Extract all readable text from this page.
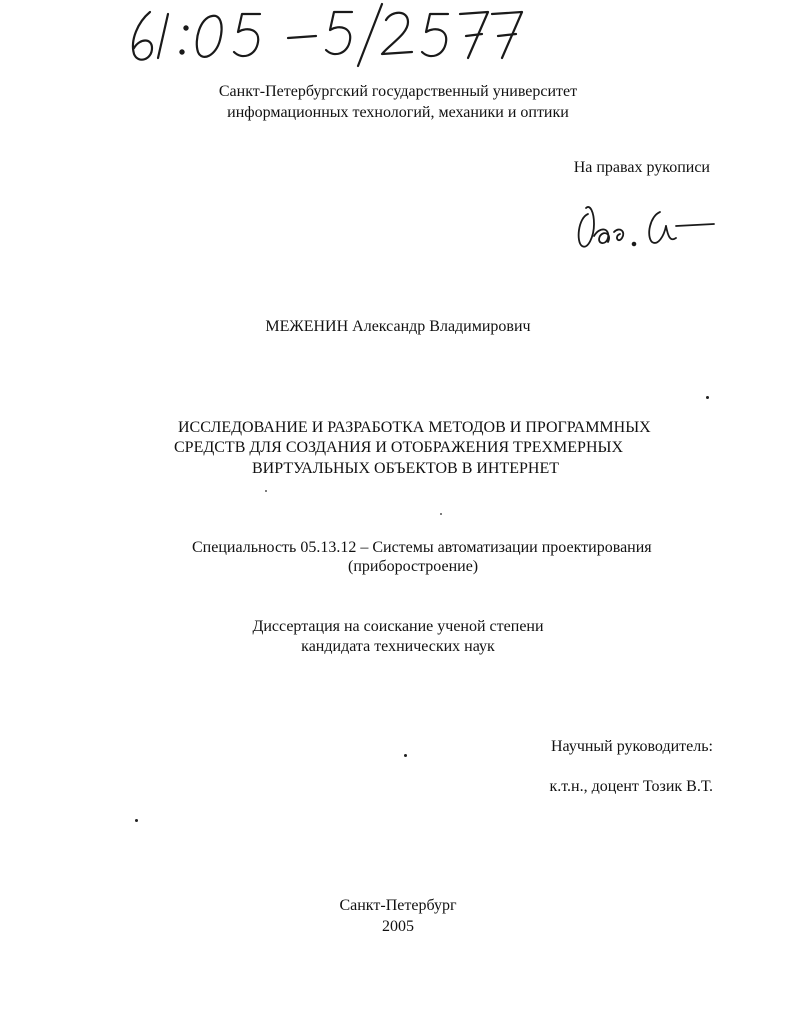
Санкт-Петербургский государственный университет
информационных технологий, механики и оптики
На правах рукописи
МЕЖЕНИН Александр Владимирович
ИССЛЕДОВАНИЕ И РАЗРАБОТКА МЕТОДОВ И ПРОГРАММНЫХ
СРЕДСТВ ДЛЯ СОЗДАНИЯ И ОТОБРАЖЕНИЯ ТРЕХМЕРНЫХ
ВИРТУАЛЬНЫХ ОБЪЕКТОВ В ИНТЕРНЕТ
Специальность 05.13.12 – Системы автоматизации проектирования
(приборостроение)
Диссертация на соискание ученой степени
кандидата технических наук
Научный руководитель:
к.т.н., доцент Тозик В.Т.
Санкт-Петербург
2005
